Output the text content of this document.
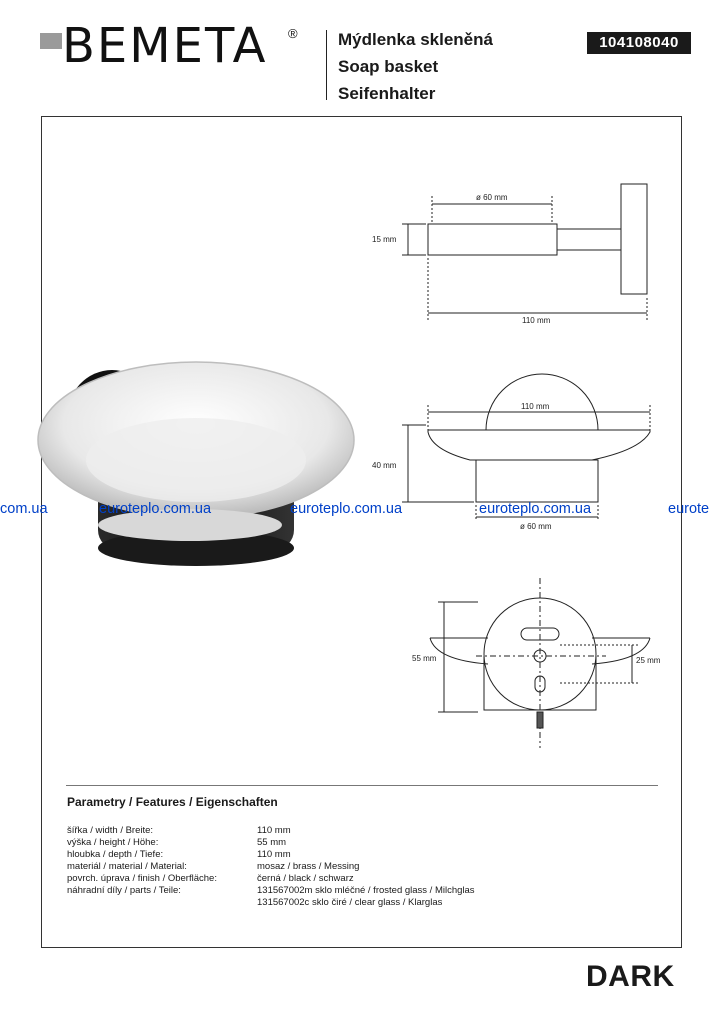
BEMETA ® Mýdlenka skleněná
Soap basket
Seifenhalter
104108040
ø 60 mm
15 mm
110 mm
110 mm
40 mm
ø 60 mm
55 mm	25 mm
com.ua	euroteplo.com.ua	euroteplo.com.ua	euroteplo.com.ua	eurote
Parametry / Features / Eigenschaften
šířka / width / Breite:	110 mm
výška / height / Höhe:	55 mm
hloubka / depth / Tiefe:	110 mm
materiál / material / Material:	mosaz / brass / Messing
povrch. úprava / finish / Oberfläche:	černá / black / schwarz
náhradní díly / parts / Teile:	131567002m sklo mléčné / frosted glass / Milchglas
131567002c sklo čiré / clear glass / Klarglas
DARK
